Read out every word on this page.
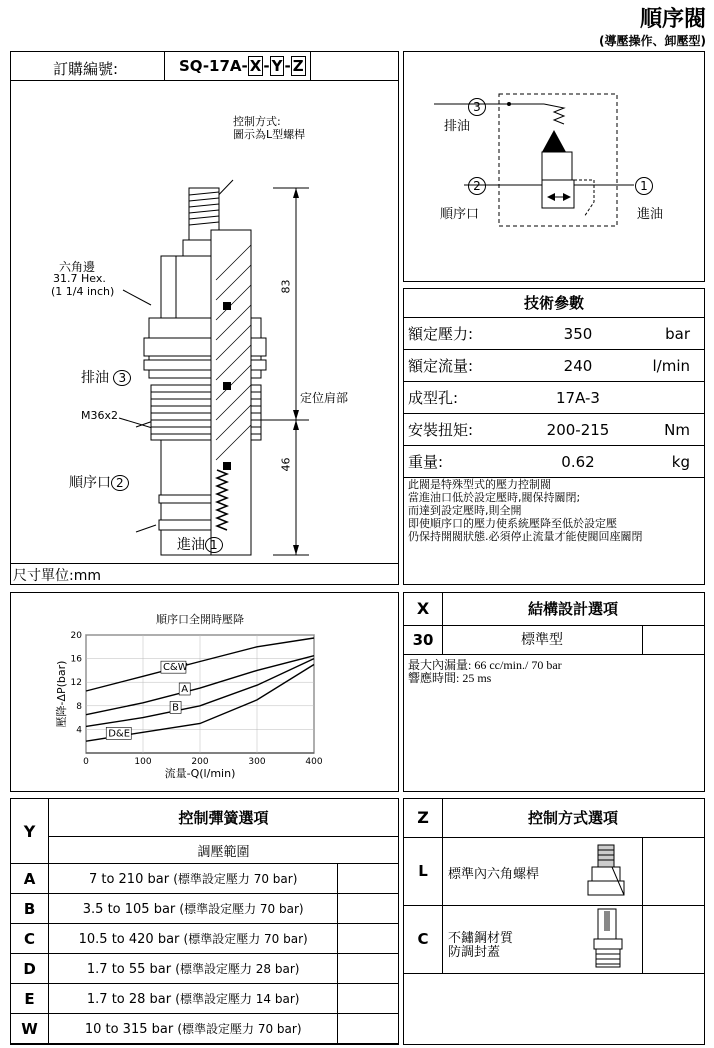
順序閥
(導壓操作、卸壓型)
訂購編號:	SQ-17A- X - Y - Z
控制方式:
圖示為L型螺桿
六角邊
31.7 Hex.
(1 1/4 inch)
排油 3
M36x2
順序口 2
進油 1
83
46
定位肩部
尺寸單位:mm
3
排油
2
順序口
1
進油
技術參數
額定壓力:	350	bar
額定流量:	240	l/min
成型孔:	17A-3	
安裝扭矩:	200-215	Nm
重量:	0.62	kg
此閥是特殊型式的壓力控制閥
當進油口低於設定壓時,閥保持關閉;
而達到設定壓時,則全開
即使順序口的壓力使系統壓降至低於設定壓
仍保持開閥狀態.必須停止流量才能使閥回座關閉
順序口全開時壓降
0	100	200	300	400
4
8
12
16
20
流量-Q(l/min)
壓降-ΔP(bar)	C&W
A
B
D&E
X	結構設計選項
30	標準型
最大內漏量: 66 cc/min./ 70 bar
響應時間: 25 ms
Y	控制彈簧選項	
	調壓範圍	
A	7 to 210 bar (標準設定壓力 70 bar)	
B	3.5 to 105 bar (標準設定壓力 70 bar)	
C	10.5 to 420 bar (標準設定壓力 70 bar)	
D	1.7 to 55 bar (標準設定壓力 28 bar)	
E	1.7 to 28 bar (標準設定壓力 14 bar)	
W	10 to 315 bar (標準設定壓力 70 bar)	
Z	控制方式選項
L	標準內六角螺桿
C	不鏽鋼材質
防調封蓋
